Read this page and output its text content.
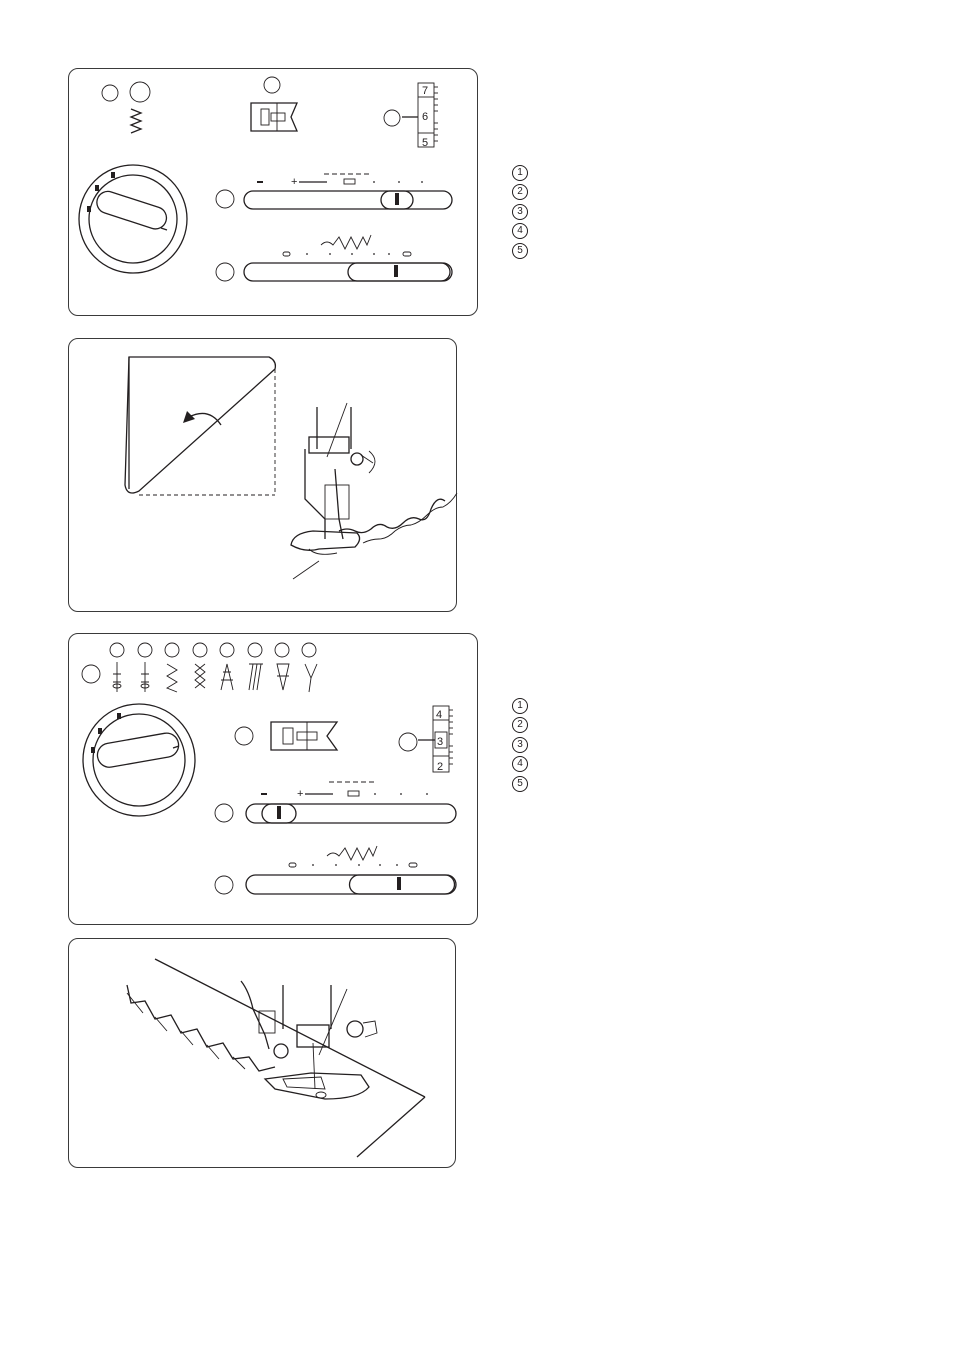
7
6
5
+
1
2
3
4
5
4
3
2
+
1
2
3
4
5
